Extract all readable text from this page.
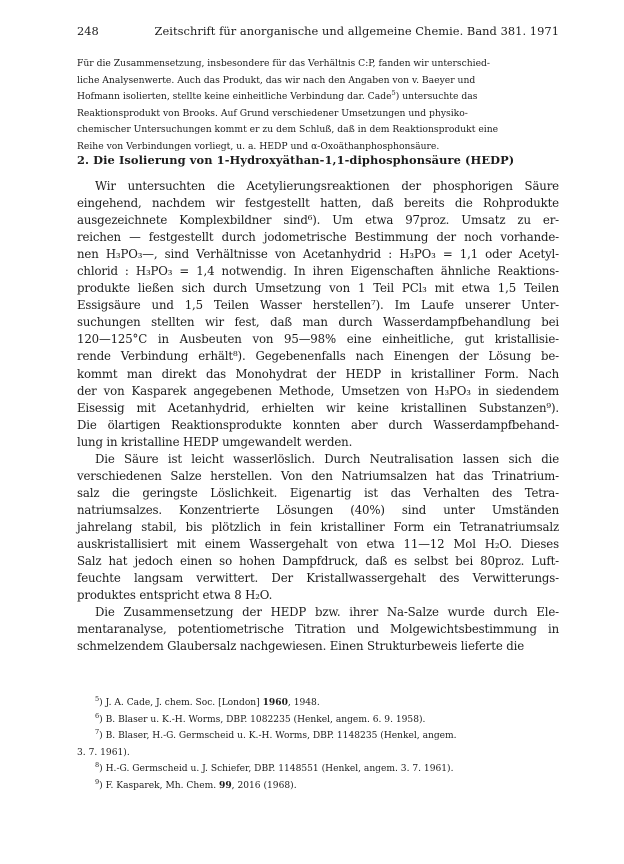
248	Zeitschrift für anorganische und allgemeine Chemie. Band 381. 1971

Für die Zusammensetzung, insbesondere für das Verhältnis C:P, fanden wir unterschied-

liche Analysenwerte. Auch das Produkt, das wir nach den Angaben von v. Baeyer und

Hofmann isolierten, stellte keine einheitliche Verbindung dar. Cade$^5$) untersuchte das

Reaktionsprodukt von Brooks. Auf Grund verschiedener Umsetzungen und physiko-

chemischer Untersuchungen kommt er zu dem Schluß, daß in dem Reaktionsprodukt eine

Reihe von Verbindungen vorliegt, u. a. HEDP und α-Oxoäthanphosphonsäure.

2. Die Isolierung von 1-Hydroxyäthan-1,1-diphosphonsäure (HEDP)
Wir untersuchten die Acetylierungsreaktionen der phosphorigen Säure
eingehend, nachdem wir festgestellt hatten, daß bereits die Rohprodukte
ausgezeichnete Komplexbildner sind⁶). Um etwa 97proz. Umsatz zu er-
reichen — festgestellt durch jodometrische Bestimmung der noch vorhande-
nen H₃PO₃—, sind Verhältnisse von Acetanhydrid : H₃PO₃ = 1,1 oder Acetyl-
chlorid : H₃PO₃ = 1,4 notwendig. In ihren Eigenschaften ähnliche Reaktions-
produkte ließen sich durch Umsetzung von 1 Teil PCl₃ mit etwa 1,5 Teilen
Essigsäure und 1,5 Teilen Wasser herstellen⁷). Im Laufe unserer Unter-
suchungen stellten wir fest, daß man durch Wasserdampfbehandlung bei
120—125°C in Ausbeuten von 95—98% eine einheitliche, gut kristallisie-
rende Verbindung erhält⁸). Gegebenenfalls nach Einengen der Lösung be-
kommt man direkt das Monohydrat der HEDP in kristalliner Form. Nach
der von Kasparek angegebenen Methode, Umsetzen von H₃PO₃ in siedendem
Eisessig mit Acetanhydrid, erhielten wir keine kristallinen Substanzen⁹).
Die ölartigen Reaktionsprodukte konnten aber durch Wasserdampfbehand-
lung in kristalline HEDP umgewandelt werden.
Die Säure ist leicht wasserlöslich. Durch Neutralisation lassen sich die
verschiedenen Salze herstellen. Von den Natriumsalzen hat das Trinatrium-
salz die geringste Löslichkeit. Eigenartig ist das Verhalten des Tetra-
natriumsalzes. Konzentrierte Lösungen (40%) sind unter Umständen
jahrelang stabil, bis plötzlich in fein kristalliner Form ein Tetranatriumsalz
auskristallisiert mit einem Wassergehalt von etwa 11—12 Mol H₂O. Dieses
Salz hat jedoch einen so hohen Dampfdruck, daß es selbst bei 80proz. Luft-
feuchte langsam verwittert. Der Kristallwassergehalt des Verwitterungs-
produktes entspricht etwa 8 H₂O.
Die Zusammensetzung der HEDP bzw. ihrer Na-Salze wurde durch Ele-
mentaranalyse, potentiometrische Titration und Molgewichtsbestimmung in
schmelzendem Glaubersalz nachgewiesen. Einen Strukturbeweis lieferte die

$^5$) J. A. Cade, J. chem. Soc. [London] 1960, 1948.

$^6$) B. Blaser u. K.-H. Worms, DBP. 1082235 (Henkel, angem. 6. 9. 1958).

$^7$) B. Blaser, H.-G. Germscheid u. K.-H. Worms, DBP. 1148235 (Henkel, angem.

3. 7. 1961).

$^8$) H.-G. Germscheid u. J. Schiefer, DBP. 1148551 (Henkel, angem. 3. 7. 1961).

$^9$) F. Kasparek, Mh. Chem. 99, 2016 (1968).
